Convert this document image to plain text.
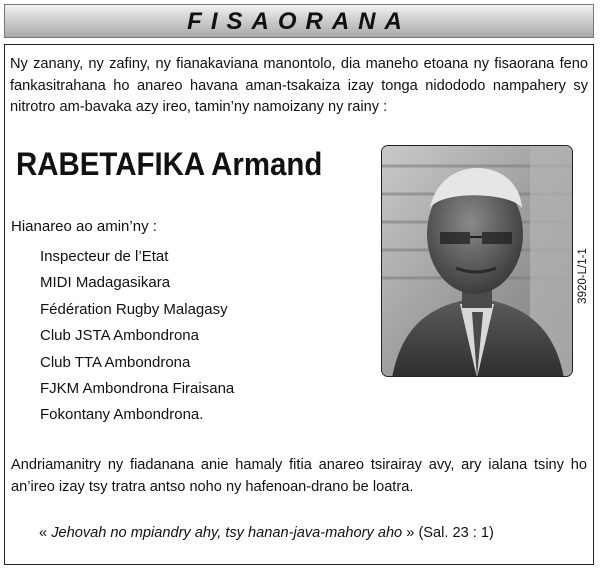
FISAORANA
Ny zanany, ny zafiny, ny fianakaviana manontolo, dia maneho etoana ny fisaorana feno fankasitrahana ho anareo havana aman-tsakaiza izay tonga nidododo nampahery sy nitrotro am-bavaka azy ireo, tamin’ny namoizany ny rainy :
RABETAFIKA Armand
3920-L/1-1
Hianareo ao amin’ny :
Inspecteur de l’Etat
MIDI Madagasikara
Fédération Rugby Malagasy
Club JSTA Ambondrona
Club TTA Ambondrona
FJKM Ambondrona Firaisana
Fokontany Ambondrona.
Andriamanitry ny fiadanana anie hamaly fitia anareo tsirairay avy, ary ialana tsiny ho an’ireo izay tsy tratra antso noho ny hafenoan-drano be loatra.
« Jehovah no mpiandry ahy, tsy hanan-java-mahory aho » (Sal. 23 : 1)
